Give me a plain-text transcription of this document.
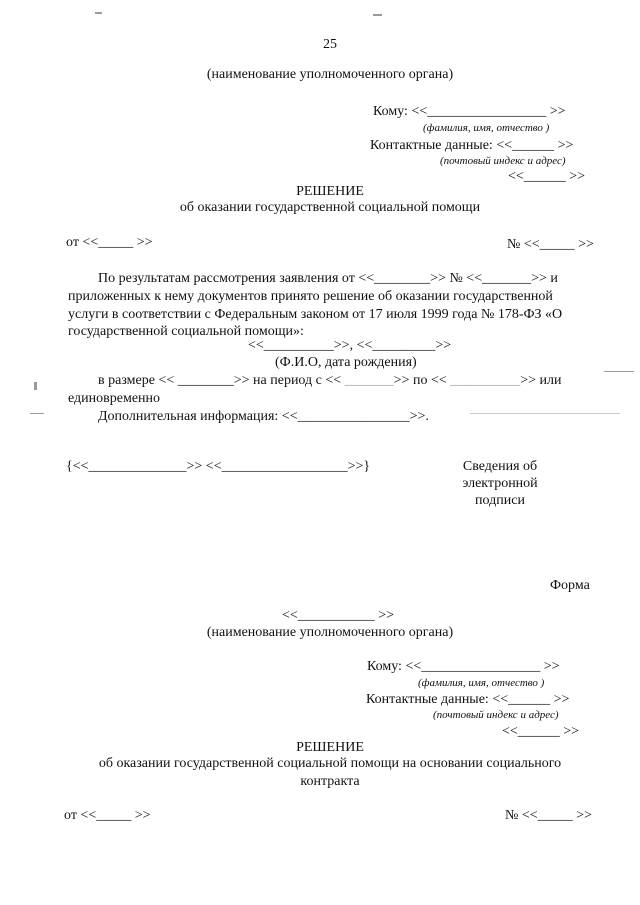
25
(наименование уполномоченного органа)
Кому: <<_________________ >>
(фамилия, имя, отчество )
Контактные данные: <<______ >>
(почтовый индекс и адрес)
<<______ >>
РЕШЕНИЕ
об оказании государственной социальной помощи
от <<_____ >>	№ <<_____ >>
По результатам рассмотрения заявления от <<________>> № <<_______>> и
приложенных к нему документов принято решение об оказании государственной
услуги в соответствии с Федеральным законом от 17 июля 1999 года № 178-ФЗ «О
государственной социальной помощи»:
<<__________>>, <<_________>>
(Ф.И.О, дата рождения)
в размере << ________>> на период с << _______>> по << __________>> или
единовременно
Дополнительная информация: <<________________>>.
{<<______________>> <<__________________>>}	Сведения об
электронной
подписи
Форма
<<___________ >>
(наименование уполномоченного органа)
Кому: <<_________________ >>
(фамилия, имя, отчество )
Контактные данные: <<______ >>
(почтовый индекс и адрес)
<<______ >>
РЕШЕНИЕ
об оказании государственной социальной помощи на основании социального
контракта
от <<_____ >>	№ <<_____ >>
